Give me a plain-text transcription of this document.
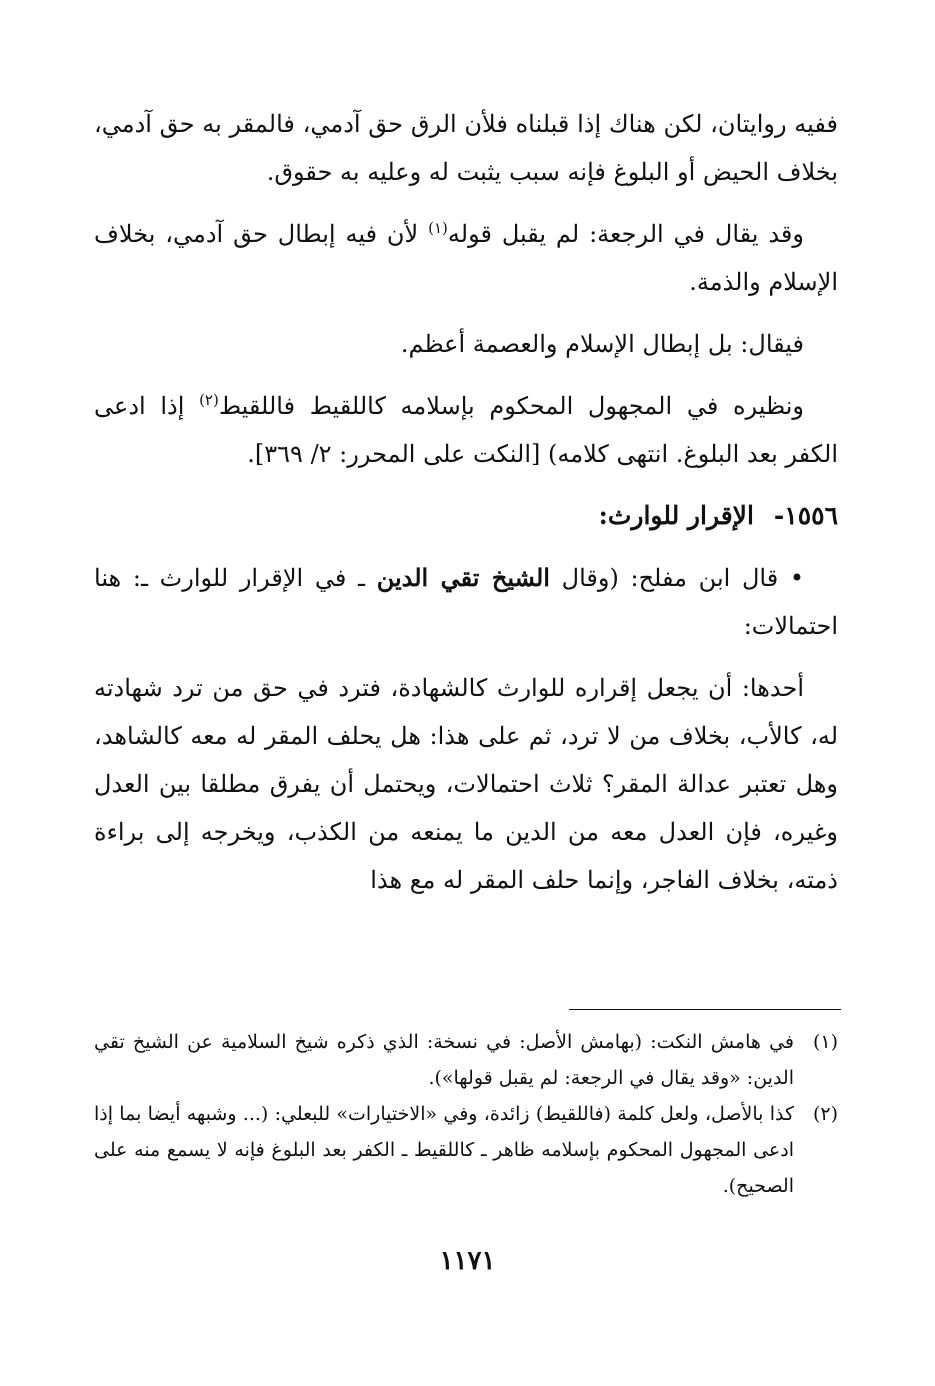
ففيه روايتان، لكن هناك إذا قبلناه فلأن الرق حق آدمي، فالمقر به حق آدمي، بخلاف الحيض أو البلوغ فإنه سبب يثبت له وعليه به حقوق.

وقد يقال في الرجعة: لم يقبل قوله$^{(١)}$ لأن فيه إبطال حق آدمي، بخلاف الإسلام والذمة.

فيقال: بل إبطال الإسلام والعصمة أعظم.

ونظيره في المجهول المحكوم بإسلامه كاللقيط فاللقيط$^{(٢)}$ إذا ادعى الكفر بعد البلوغ. انتهى كلامه) [النكت على المحرر: ٢/ ٣٦٩].

١٥٥٦-
الإقرار للوارث:

• قال ابن مفلح: (وقال الشيخ تقي الدين ـ في الإقرار للوارث ـ: هنا احتمالات:

أحدها: أن يجعل إقراره للوارث كالشهادة، فترد في حق من ترد شهادته له، كالأب، بخلاف من لا ترد، ثم على هذا: هل يحلف المقر له معه كالشاهد، وهل تعتبر عدالة المقر؟ ثلاث احتمالات، ويحتمل أن يفرق مطلقا بين العدل وغيره، فإن العدل معه من الدين ما يمنعه من الكذب، ويخرجه إلى براءة ذمته، بخلاف الفاجر، وإنما حلف المقر له مع هذا

(١)
في هامش النكت: (بهامش الأصل: في نسخة: الذي ذكره شيخ السلامية عن الشيخ تقي الدين: «وقد يقال في الرجعة: لم يقبل قولها»).
(٢)
كذا بالأصل، ولعل كلمة (فاللقيط) زائدة، وفي «الاختيارات» للبعلي: (... وشبهه أيضا بما إذا ادعى المجهول المحكوم بإسلامه ظاهر ـ كاللقيط ـ الكفر بعد البلوغ فإنه لا يسمع منه على الصحيح).
١١٧١
